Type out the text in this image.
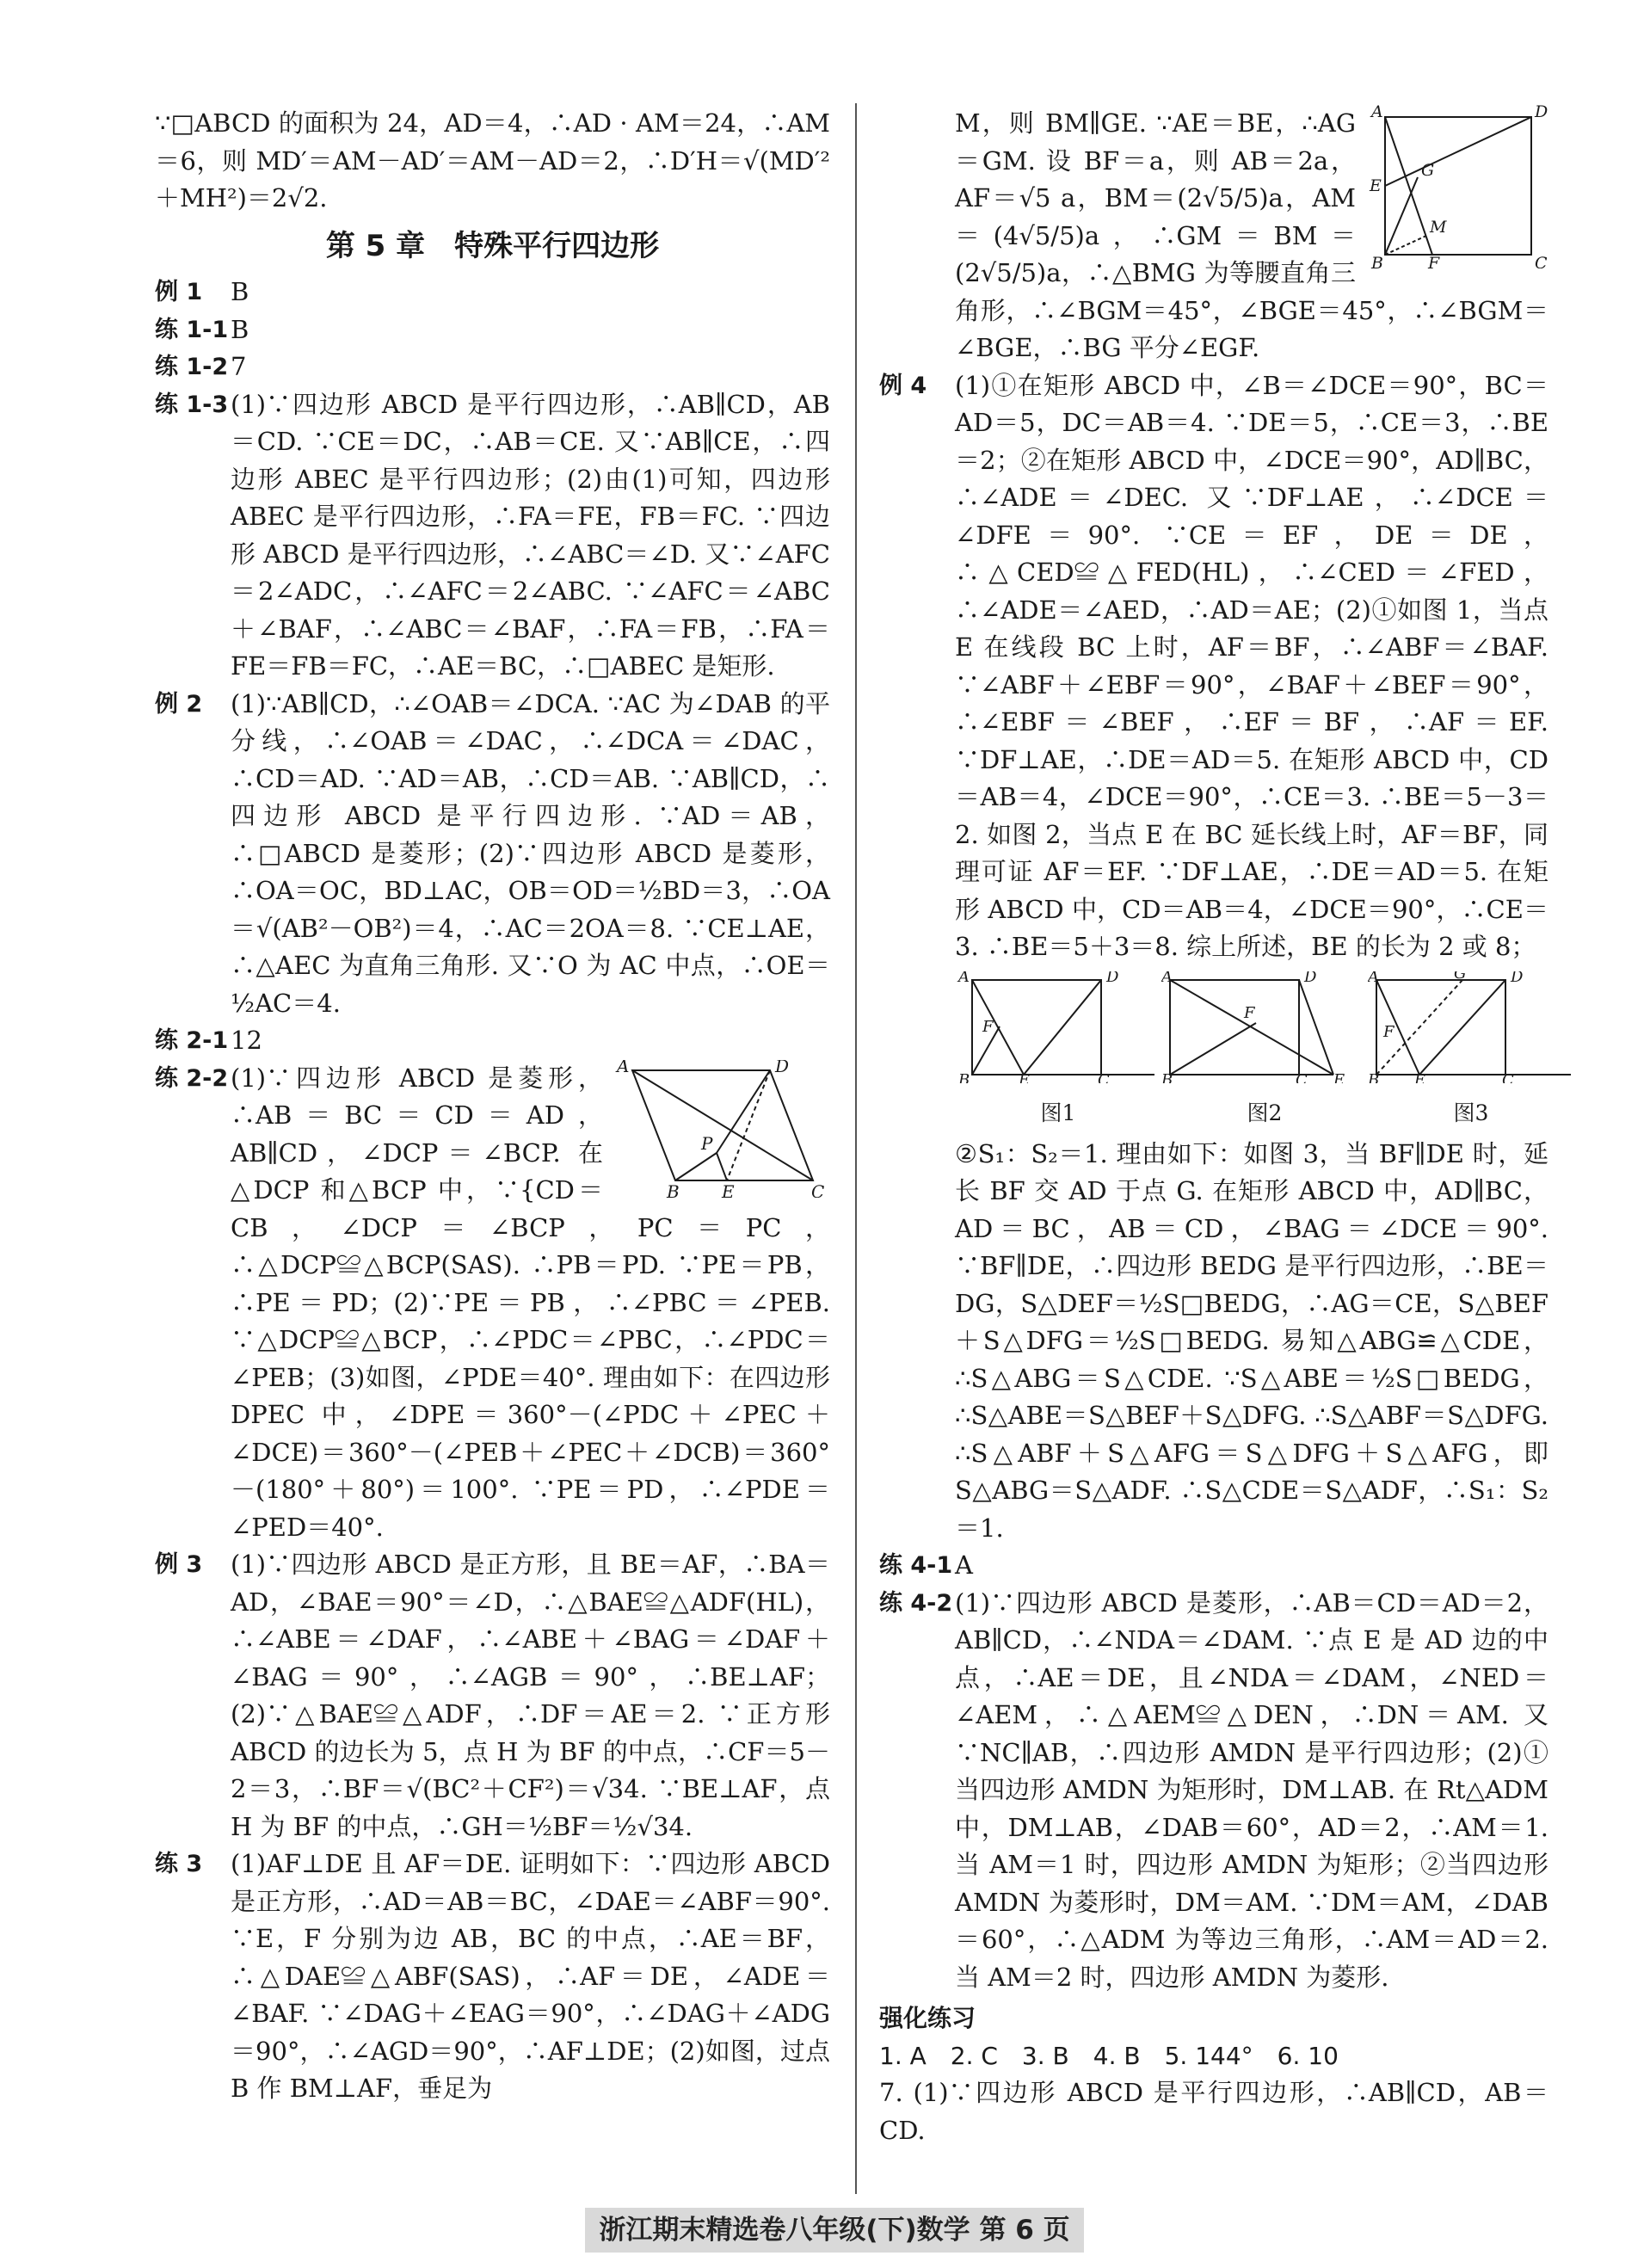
∵□ABCD 的面积为 24，AD＝4，∴AD · AM＝24，∴AM＝6，则 MD′＝AM－AD′＝AM－AD＝2，∴D′H＝√(MD′²＋MH²)＝2√2.
第 5 章　特殊平行四边形
例 1 B
练 1-1 B
练 1-2 7
练 1-3 (1)∵四边形 ABCD 是平行四边形，∴AB∥CD，AB＝CD. ∵CE＝DC，∴AB＝CE. 又∵AB∥CE，∴四边形 ABEC 是平行四边形；(2)由(1)可知，四边形 ABEC 是平行四边形，∴FA＝FE，FB＝FC. ∵四边形 ABCD 是平行四边形，∴∠ABC＝∠D. 又∵∠AFC＝2∠ADC，∴∠AFC＝2∠ABC. ∵∠AFC＝∠ABC＋∠BAF，∴∠ABC＝∠BAF，∴FA＝FB，∴FA＝FE＝FB＝FC，∴AE＝BC，∴□ABEC 是矩形.
例 2 (1)∵AB∥CD，∴∠OAB＝∠DCA. ∵AC 为∠DAB 的平分线，∴∠OAB＝∠DAC，∴∠DCA＝∠DAC，∴CD＝AD. ∵AD＝AB，∴CD＝AB. ∵AB∥CD，∴四边形 ABCD 是平行四边形. ∵AD＝AB，∴□ABCD 是菱形；(2)∵四边形 ABCD 是菱形，∴OA＝OC，BD⊥AC，OB＝OD＝½BD＝3，∴OA＝√(AB²－OB²)＝4，∴AC＝2OA＝8. ∵CE⊥AE，∴△AEC 为直角三角形. 又∵O 为 AC 中点，∴OE＝½AC＝4.
练 2-1 12
练 2-2	A	D
P
B E	C
(1)∵四边形 ABCD 是菱形，∴AB＝BC＝CD＝AD，AB∥CD，∠DCP＝∠BCP. 在△DCP 和△BCP 中，∵{CD＝CB，∠DCP＝∠BCP，PC＝PC，∴△DCP≌△BCP(SAS). ∴PB＝PD. ∵PE＝PB，∴PE＝PD；(2)∵PE＝PB，∴∠PBC＝∠PEB. ∵△DCP≌△BCP，∴∠PDC＝∠PBC，∴∠PDC＝∠PEB；(3)如图，∠PDE＝40°. 理由如下：在四边形 DPEC 中，∠DPE＝360°－(∠PDC＋∠PEC＋∠DCE)＝360°－(∠PEB＋∠PEC＋∠DCB)＝360°－(180°＋80°)＝100°. ∵PE＝PD，∴∠PDE＝∠PED＝40°.
例 3 (1)∵四边形 ABCD 是正方形，且 BE＝AF，∴BA＝AD，∠BAE＝90°＝∠D，∴△BAE≌△ADF(HL)，∴∠ABE＝∠DAF，∴∠ABE＋∠BAG＝∠DAF＋∠BAG＝90°，∴∠AGB＝90°，∴BE⊥AF；(2)∵△BAE≌△ADF，∴DF＝AE＝2. ∵正方形 ABCD 的边长为 5，点 H 为 BF 的中点，∴CF＝5－2＝3，∴BF＝√(BC²＋CF²)＝√34. ∵BE⊥AF，点 H 为 BF 的中点，∴GH＝½BF＝½√34.
练 3 (1)AF⊥DE 且 AF＝DE. 证明如下：∵四边形 ABCD 是正方形，∴AD＝AB＝BC，∠DAE＝∠ABF＝90°. ∵E，F 分别为边 AB，BC 的中点，∴AE＝BF，∴△DAE≌△ABF(SAS)，∴AF＝DE，∠ADE＝∠BAF. ∵∠DAG＋∠EAG＝90°，∴∠DAG＋∠ADG＝90°，∴∠AGD＝90°，∴AF⊥DE；(2)如图，过点 B 作 BM⊥AF，垂足为
A	D
E
G
M
B	F	C
M，则 BM∥GE. ∵AE＝BE，∴AG＝GM. 设 BF＝a，则 AB＝2a，AF＝√5 a，BM＝(2√5/5)a，AM＝(4√5/5)a，∴GM＝BM＝(2√5/5)a，∴△BMG 为等腰直角三角形，∴∠BGM＝45°，∠BGE＝45°，∴∠BGM＝∠BGE，∴BG 平分∠EGF.
例 4 (1)①在矩形 ABCD 中，∠B＝∠DCE＝90°，BC＝AD＝5，DC＝AB＝4. ∵DE＝5，∴CE＝3，∴BE＝2；②在矩形 ABCD 中，∠DCE＝90°，AD∥BC，∴∠ADE＝∠DEC. 又∵DF⊥AE，∴∠DCE＝∠DFE＝90°. ∵CE＝EF，DE＝DE，∴△CED≌△FED(HL)，∴∠CED＝∠FED，∴∠ADE＝∠AED，∴AD＝AE；(2)①如图 1，当点 E 在线段 BC 上时，AF＝BF，∴∠ABF＝∠BAF. ∵∠ABF＋∠EBF＝90°，∠BAF＋∠BEF＝90°，∴∠EBF＝∠BEF，∴EF＝BF，∴AF＝EF. ∵DF⊥AE，∴DE＝AD＝5. 在矩形 ABCD 中，CD＝AB＝4，∠DCE＝90°，∴CE＝3. ∴BE＝5－3＝2. 如图 2，当点 E 在 BC 延长线上时，AF＝BF，同理可证 AF＝EF. ∵DF⊥AE，∴DE＝AD＝5. 在矩形 ABCD 中，CD＝AB＝4，∠DCE＝90°，∴CE＝3. ∴BE＝5＋3＝8. 综上所述，BE 的长为 2 或 8；
A	D
F
B	E	C
图1
A	D
F
B	C E
图2
A	G	D
F
B E	C
图3
②S₁：S₂＝1. 理由如下：如图 3，当 BF∥DE 时，延长 BF 交 AD 于点 G. 在矩形 ABCD 中，AD∥BC，AD＝BC，AB＝CD，∠BAG＝∠DCE＝90°. ∵BF∥DE，∴四边形 BEDG 是平行四边形，∴BE＝DG，S△DEF＝½S□BEDG，∴AG＝CE，S△BEF＋S△DFG＝½S□BEDG. 易知△ABG≌△CDE，∴S△ABG＝S△CDE. ∵S△ABE＝½S□BEDG，∴S△ABE＝S△BEF＋S△DFG. ∴S△ABF＝S△DFG. ∴S△ABF＋S△AFG＝S△DFG＋S△AFG，即 S△ABG＝S△ADF. ∴S△CDE＝S△ADF，∴S₁：S₂＝1.
练 4-1 A
练 4-2 (1)∵四边形 ABCD 是菱形，∴AB＝CD＝AD＝2，AB∥CD，∴∠NDA＝∠DAM. ∵点 E 是 AD 边的中点，∴AE＝DE，且∠NDA＝∠DAM，∠NED＝∠AEM，∴△AEM≌△DEN，∴DN＝AM. 又∵NC∥AB，∴四边形 AMDN 是平行四边形；(2)①当四边形 AMDN 为矩形时，DM⊥AB. 在 Rt△ADM 中，DM⊥AB，∠DAB＝60°，AD＝2，∴AM＝1. 当 AM＝1 时，四边形 AMDN 为矩形；②当四边形 AMDN 为菱形时，DM＝AM. ∵DM＝AM，∠DAB＝60°，∴△ADM 为等边三角形，∴AM＝AD＝2. 当 AM＝2 时，四边形 AMDN 为菱形.
强化练习
1. A　2. C　3. B　4. B　5. 144°　6. 10
7. (1)∵四边形 ABCD 是平行四边形，∴AB∥CD，AB＝CD.
浙江期末精选卷八年级(下)数学 第 6 页
